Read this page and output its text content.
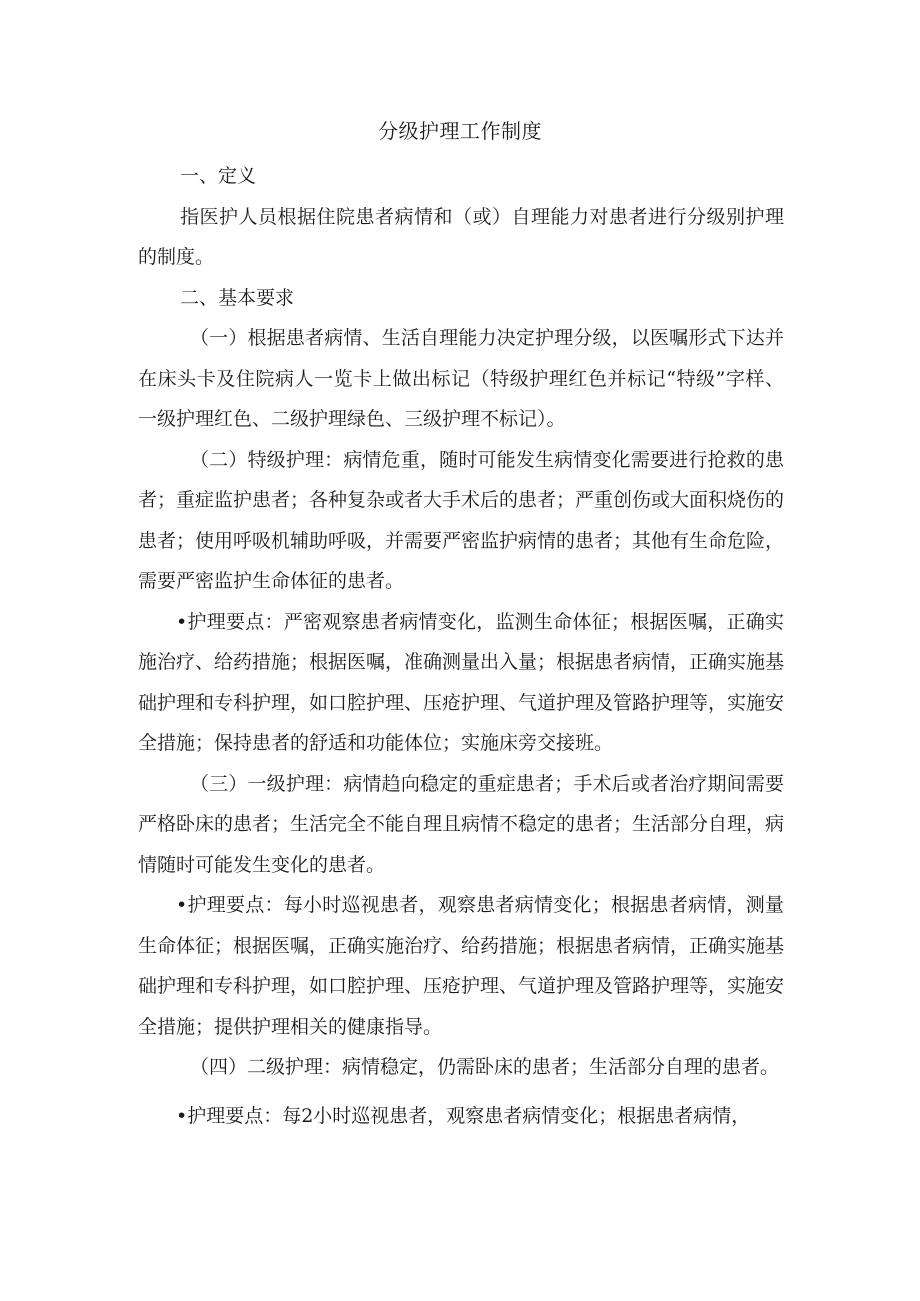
分级护理工作制度

一、定义

指医护人员根据住院患者病情和（或）自理能力对患者进行分级别护理的制度。

二、基本要求

（一）根据患者病情、生活自理能力决定护理分级，以医嘱形式下达并在床头卡及住院病人一览卡上做出标记（特级护理红色并标记“特级”字样、一级护理红色、二级护理绿色、三级护理不标记）。

（二）特级护理：病情危重，随时可能发生病情变化需要进行抢救的患者；重症监护患者；各种复杂或者大手术后的患者；严重创伤或大面积烧伤的患者；使用呼吸机辅助呼吸，并需要严密监护病情的患者；其他有生命危险，需要严密监护生命体征的患者。

•护理要点：严密观察患者病情变化，监测生命体征；根据医嘱，正确实施治疗、给药措施；根据医嘱，准确测量出入量；根据患者病情，正确实施基础护理和专科护理，如口腔护理、压疮护理、气道护理及管路护理等，实施安全措施；保持患者的舒适和功能体位；实施床旁交接班。

（三）一级护理：病情趋向稳定的重症患者；手术后或者治疗期间需要严格卧床的患者；生活完全不能自理且病情不稳定的患者；生活部分自理，病情随时可能发生变化的患者。

•护理要点：每小时巡视患者，观察患者病情变化；根据患者病情，测量生命体征；根据医嘱，正确实施治疗、给药措施；根据患者病情，正确实施基础护理和专科护理，如口腔护理、压疮护理、气道护理及管路护理等，实施安全措施；提供护理相关的健康指导。

（四）二级护理：病情稳定，仍需卧床的患者；生活部分自理的患者。

•护理要点：每2小时巡视患者，观察患者病情变化；根据患者病情，
